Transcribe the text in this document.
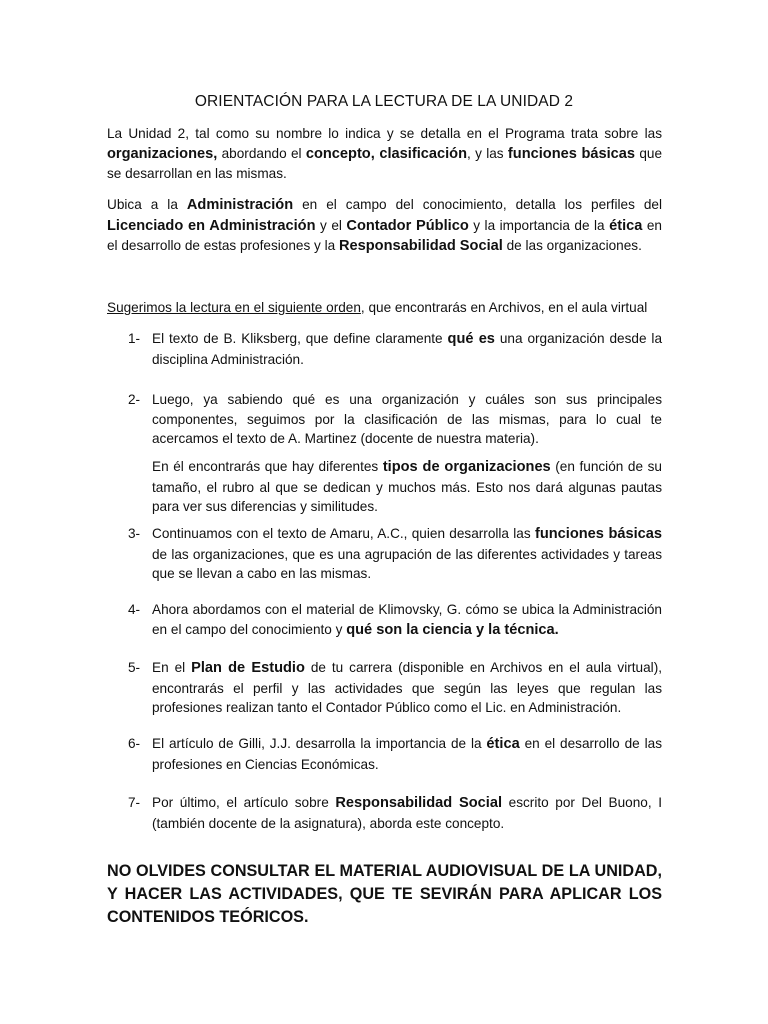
ORIENTACIÓN PARA LA LECTURA DE LA UNIDAD 2

La Unidad 2, tal como su nombre lo indica y se detalla en el Programa trata sobre las organizaciones, abordando el concepto, clasificación, y las funciones básicas que se desarrollan en las mismas.

Ubica a la Administración en el campo del conocimiento, detalla los perfiles del Licenciado en Administración y el Contador Público y la importancia de la ética en el desarrollo de estas profesiones y la Responsabilidad Social de las organizaciones.

Sugerimos la lectura en el siguiente orden, que encontrarás en Archivos, en el aula virtual

1- El texto de B. Kliksberg, que define claramente qué es una organización desde la disciplina Administración.
2- Luego, ya sabiendo qué es una organización y cuáles son sus principales componentes, seguimos por la clasificación de las mismas, para lo cual te acercamos el texto de A. Martinez (docente de nuestra materia).

En él encontrarás que hay diferentes tipos de organizaciones (en función de su tamaño, el rubro al que se dedican y muchos más. Esto nos dará algunas pautas para ver sus diferencias y similitudes.

3- Continuamos con el texto de Amaru, A.C., quien desarrolla las funciones básicas de las organizaciones, que es una agrupación de las diferentes actividades y tareas que se llevan a cabo en las mismas.
4- Ahora abordamos con el material de Klimovsky, G. cómo se ubica la Administración en el campo del conocimiento y qué son la ciencia y la técnica.
5- En el Plan de Estudio de tu carrera (disponible en Archivos en el aula virtual), encontrarás el perfil y las actividades que según las leyes que regulan las profesiones realizan tanto el Contador Público como el Lic. en Administración.
6- El artículo de Gilli, J.J. desarrolla la importancia de la ética en el desarrollo de las profesiones en Ciencias Económicas.
7- Por último, el artículo sobre Responsabilidad Social escrito por Del Buono, I (también docente de la asignatura), aborda este concepto.

NO OLVIDES CONSULTAR EL MATERIAL AUDIOVISUAL DE LA UNIDAD, Y HACER LAS ACTIVIDADES, QUE TE SEVIRÁN PARA APLICAR LOS CONTENIDOS TEÓRICOS.
